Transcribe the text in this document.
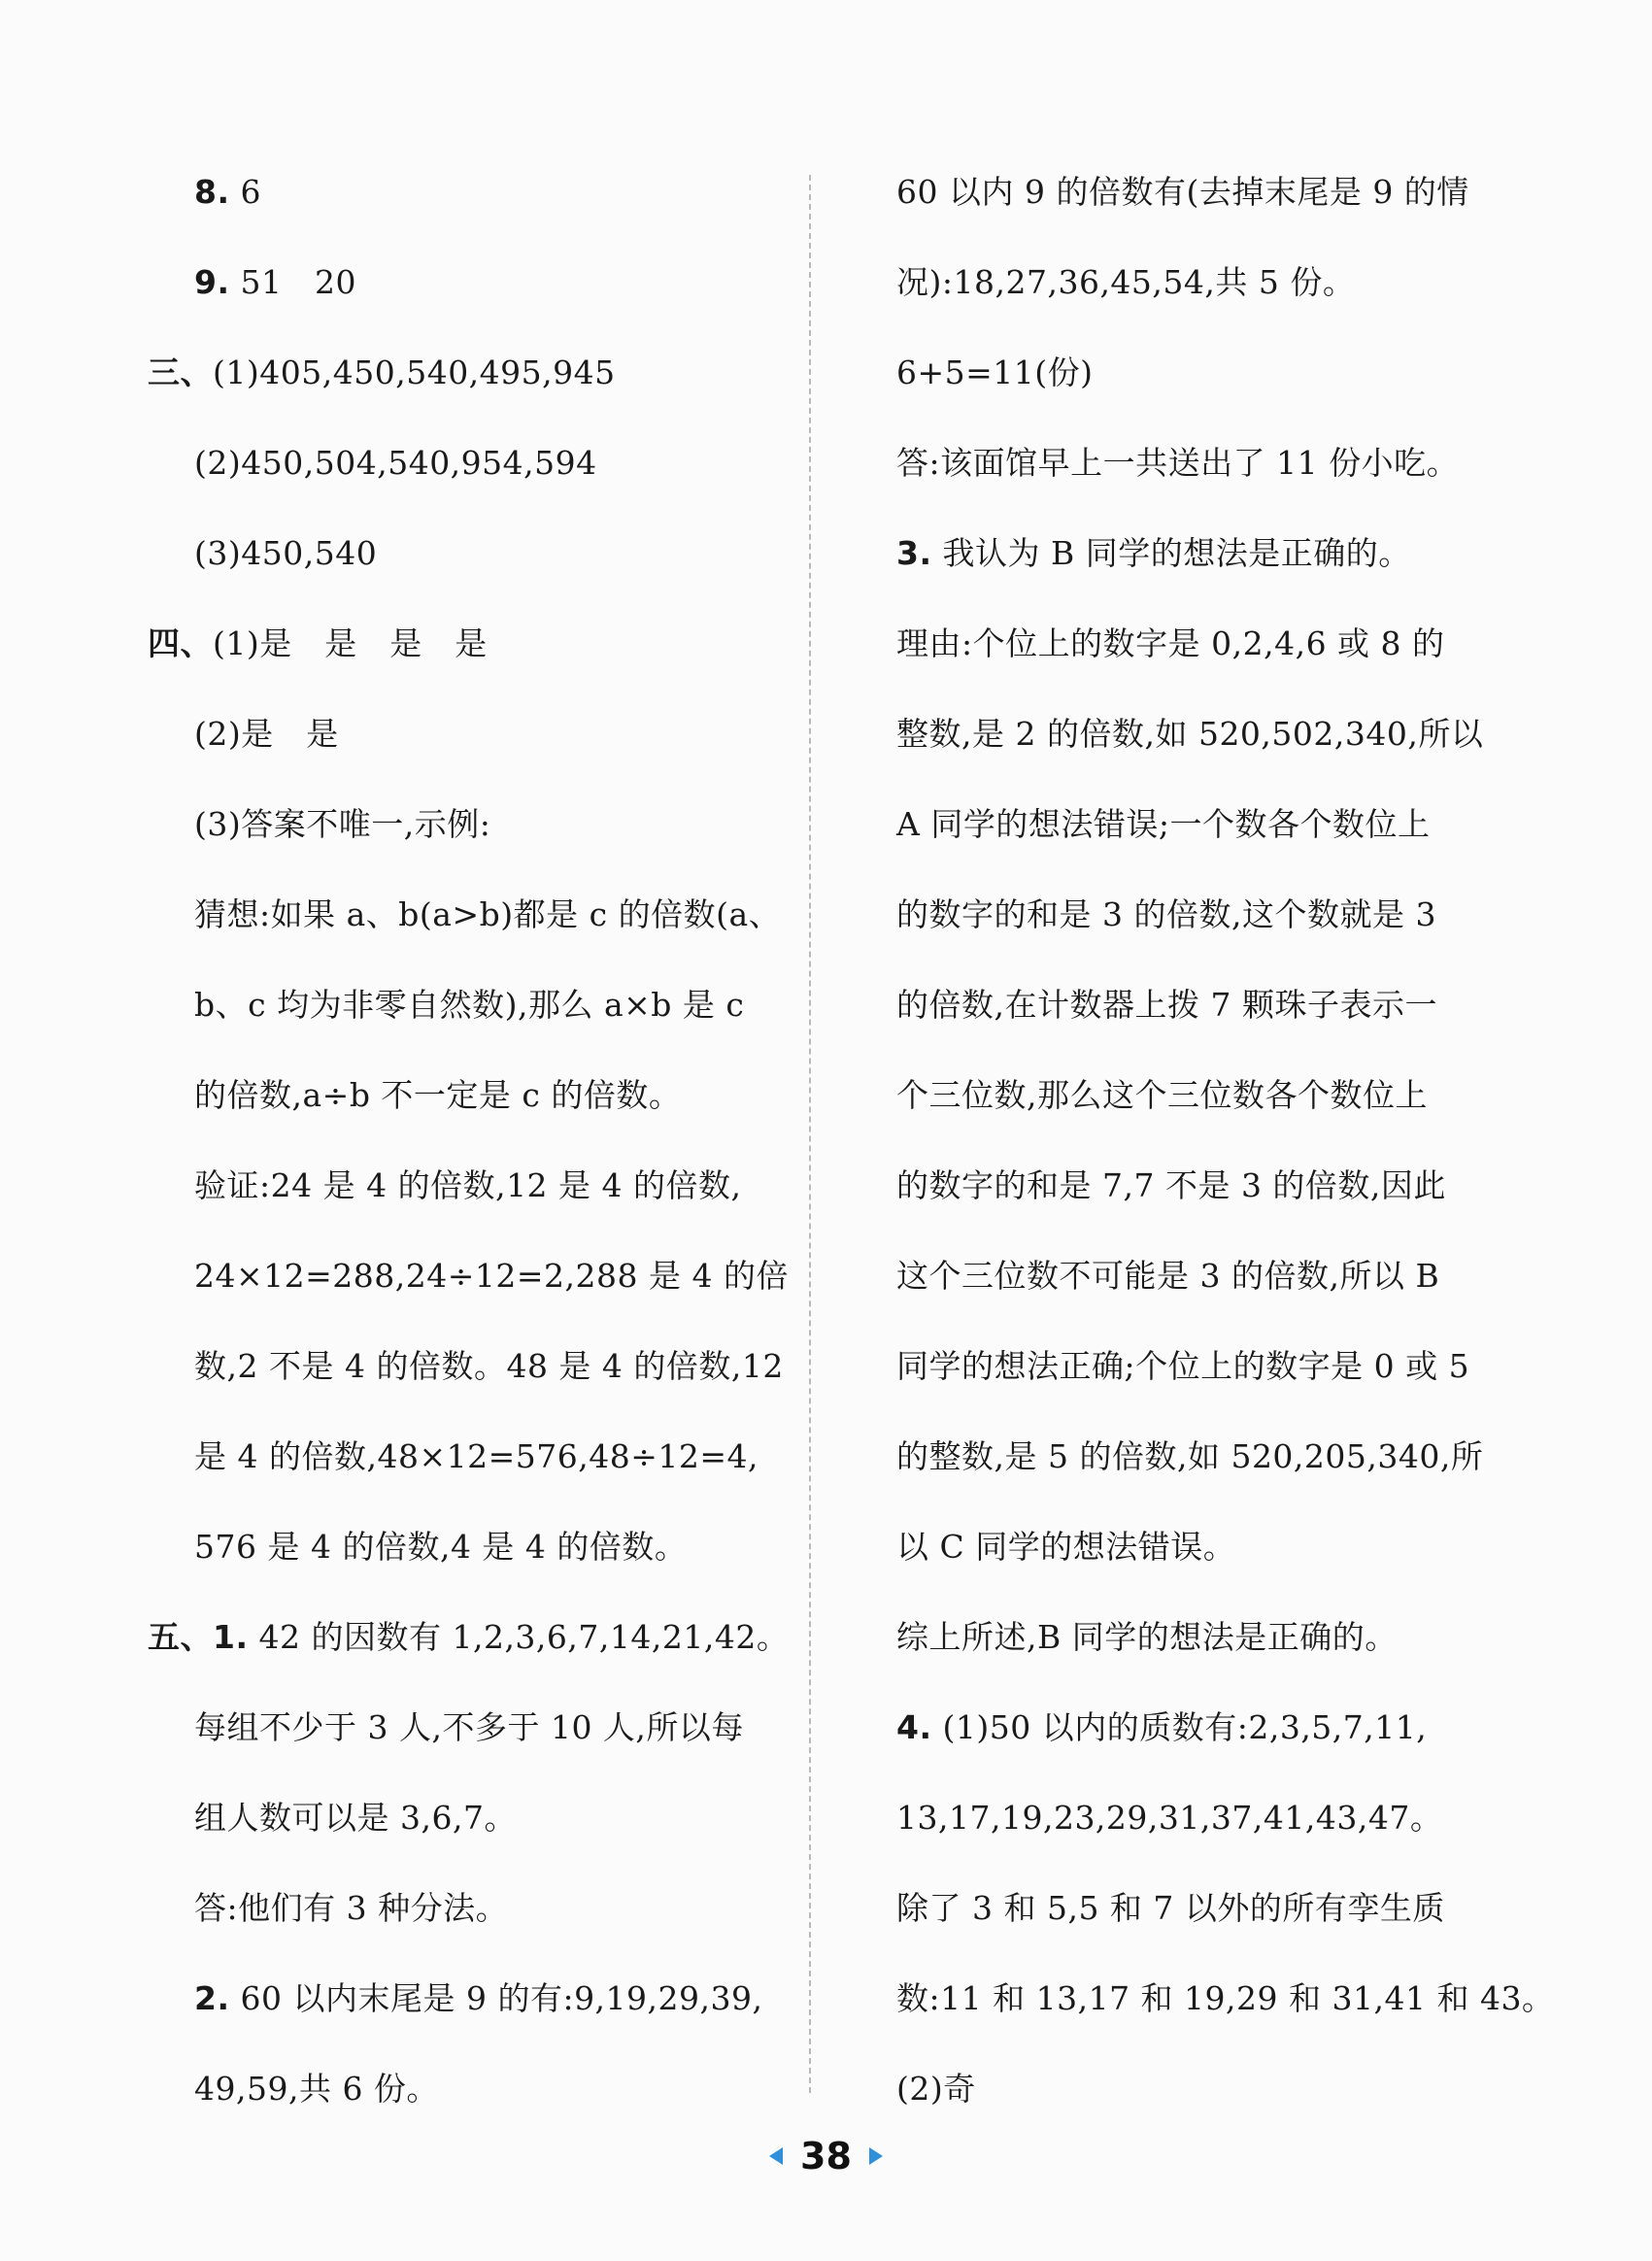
8. 6
9. 51　20
三、(1)405,450,540,495,945
(2)450,504,540,954,594
(3)450,540
四、(1)是　是　是　是
(2)是　是
(3)答案不唯一,示例:
猜想:如果 a、b(a>b)都是 c 的倍数(a、
b、c 均为非零自然数),那么 a×b 是 c
的倍数,a÷b 不一定是 c 的倍数。
验证:24 是 4 的倍数,12 是 4 的倍数,
24×12=288,24÷12=2,288 是 4 的倍
数,2 不是 4 的倍数。48 是 4 的倍数,12
是 4 的倍数,48×12=576,48÷12=4,
576 是 4 的倍数,4 是 4 的倍数。
五、1. 42 的因数有 1,2,3,6,7,14,21,42。
每组不少于 3 人,不多于 10 人,所以每
组人数可以是 3,6,7。
答:他们有 3 种分法。
2. 60 以内末尾是 9 的有:9,19,29,39,
49,59,共 6 份。
60 以内 9 的倍数有(去掉末尾是 9 的情
况):18,27,36,45,54,共 5 份。
6+5=11(份)
答:该面馆早上一共送出了 11 份小吃。
3. 我认为 B 同学的想法是正确的。
理由:个位上的数字是 0,2,4,6 或 8 的
整数,是 2 的倍数,如 520,502,340,所以
A 同学的想法错误;一个数各个数位上
的数字的和是 3 的倍数,这个数就是 3
的倍数,在计数器上拨 7 颗珠子表示一
个三位数,那么这个三位数各个数位上
的数字的和是 7,7 不是 3 的倍数,因此
这个三位数不可能是 3 的倍数,所以 B
同学的想法正确;个位上的数字是 0 或 5
的整数,是 5 的倍数,如 520,205,340,所
以 C 同学的想法错误。
综上所述,B 同学的想法是正确的。
4. (1)50 以内的质数有:2,3,5,7,11,
13,17,19,23,29,31,37,41,43,47。
除了 3 和 5,5 和 7 以外的所有孪生质
数:11 和 13,17 和 19,29 和 31,41 和 43。
(2)奇
38
